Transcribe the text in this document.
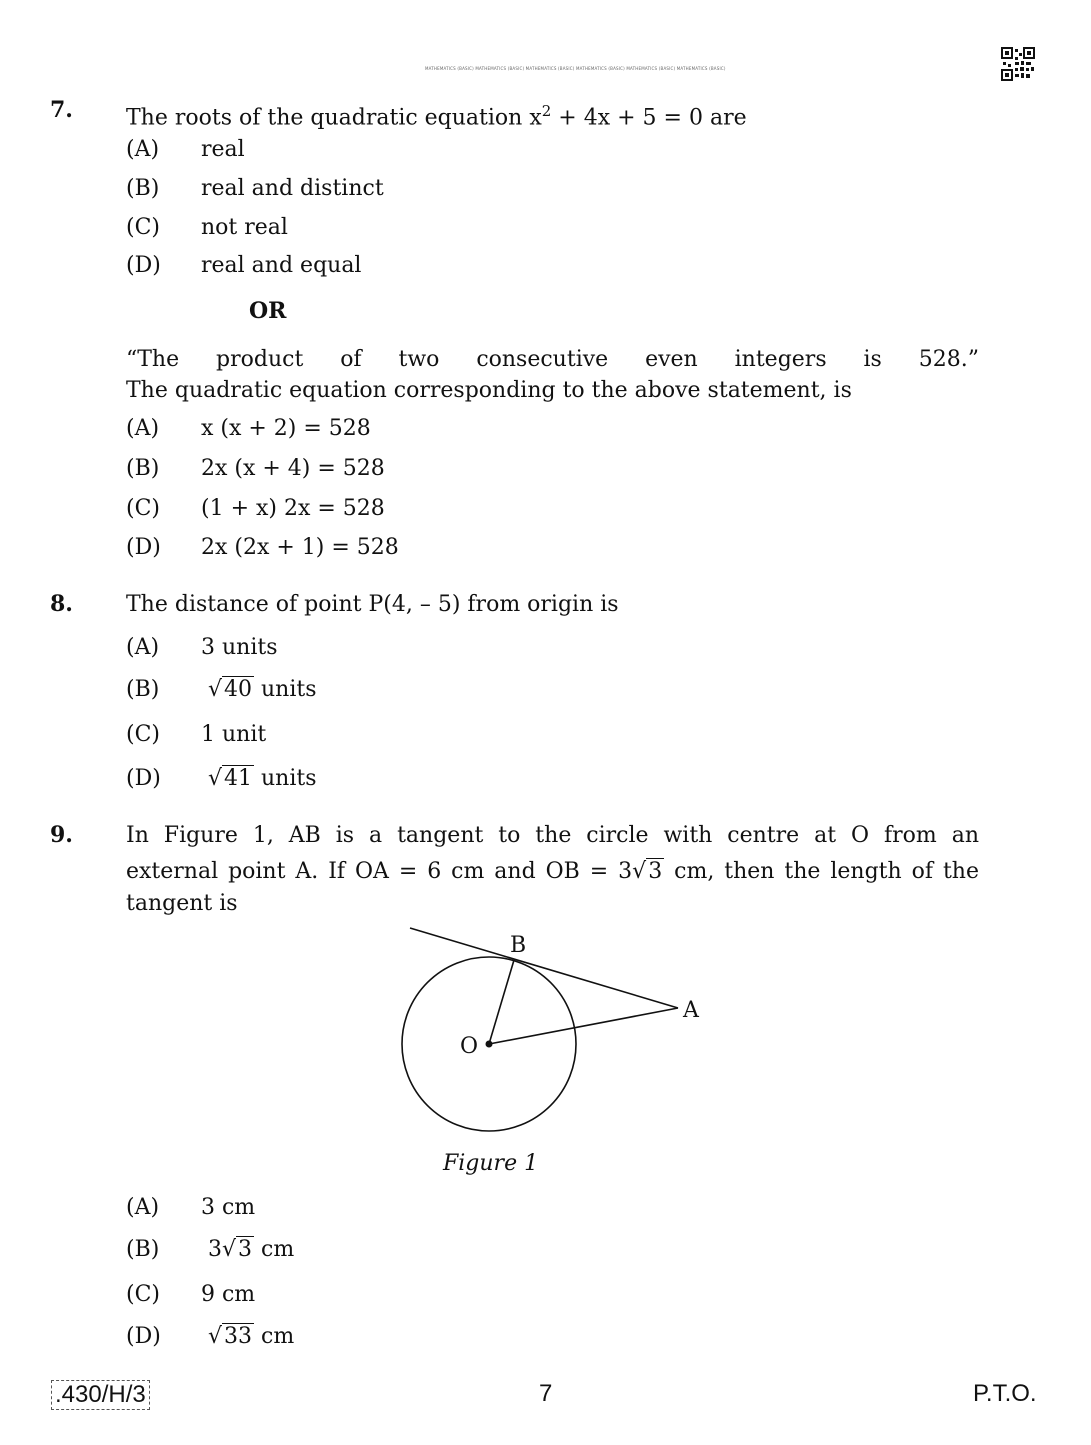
MATHEMATICS (BASIC) MATHEMATICS (BASIC) MATHEMATICS (BASIC) MATHEMATICS (BASIC) MATHEMATICS (BASIC) MATHEMATICS (BASIC)
7. The roots of the quadratic equation $x^2 + 4x + 5 = 0$ are
(A) real
(B) real and distinct
(C) not real
(D) real and equal
OR
“The product of two consecutive even integers is 528.”
The quadratic equation corresponding to the above statement, is
(A) x (x + 2) = 528
(B) 2x (x + 4) = 528
(C) (1 + x) 2x = 528
(D) 2x (2x + 1) = 528
8. The distance of point P(4, – 5) from origin is
(A) 3 units
(B) √40 units
(C) 1 unit
(D) √41 units
9. In Figure 1, AB is a tangent to the circle with centre at O from an
external point A. If OA = 6 cm and OB = 3√3 cm, then the length of the
tangent is
B
A
O
Figure 1
(A) 3 cm
(B) 3√3 cm
(C) 9 cm
(D) √33 cm
.430/H/3	7	P.T.O.
